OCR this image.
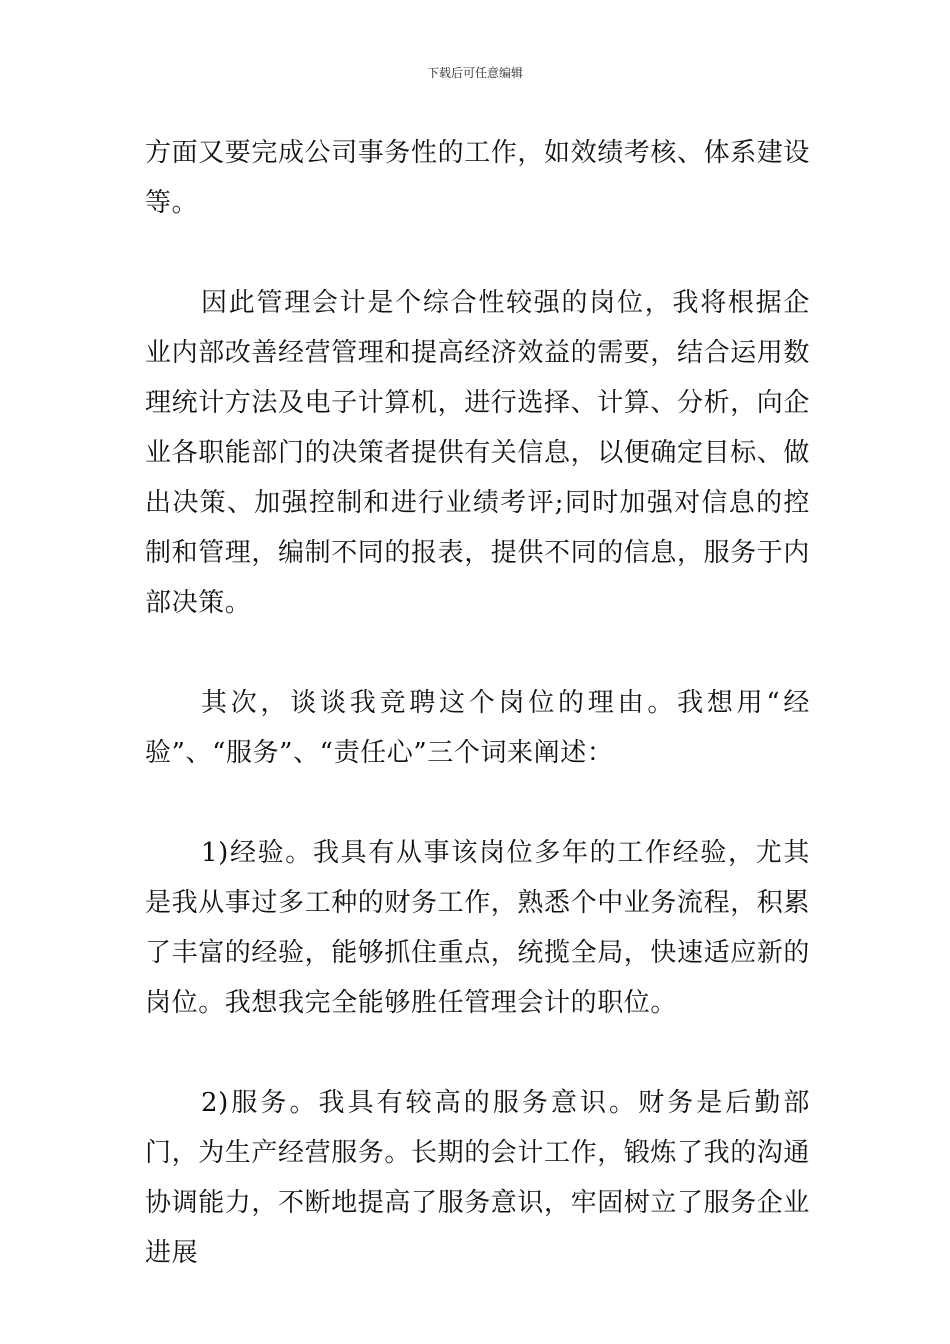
下载后可任意编辑

方面又要完成公司事务性的工作，如效绩考核、体系建设等。

因此管理会计是个综合性较强的岗位，我将根据企业内部改善经营管理和提高经济效益的需要，结合运用数理统计方法及电子计算机，进行选择、计算、分析，向企业各职能部门的决策者提供有关信息，以便确定目标、做出决策、加强控制和进行业绩考评;同时加强对信息的控制和管理，编制不同的报表，提供不同的信息，服务于内部决策。

其次，谈谈我竞聘这个岗位的理由。我想用“经验”、“服务”、“责任心”三个词来阐述：

1)经验。我具有从事该岗位多年的工作经验，尤其是我从事过多工种的财务工作，熟悉个中业务流程，积累了丰富的经验，能够抓住重点，统揽全局，快速适应新的岗位。我想我完全能够胜任管理会计的职位。

2)服务。我具有较高的服务意识。财务是后勤部门，为生产经营服务。长期的会计工作，锻炼了我的沟通协调能力，不断地提高了服务意识，牢固树立了服务企业进展
